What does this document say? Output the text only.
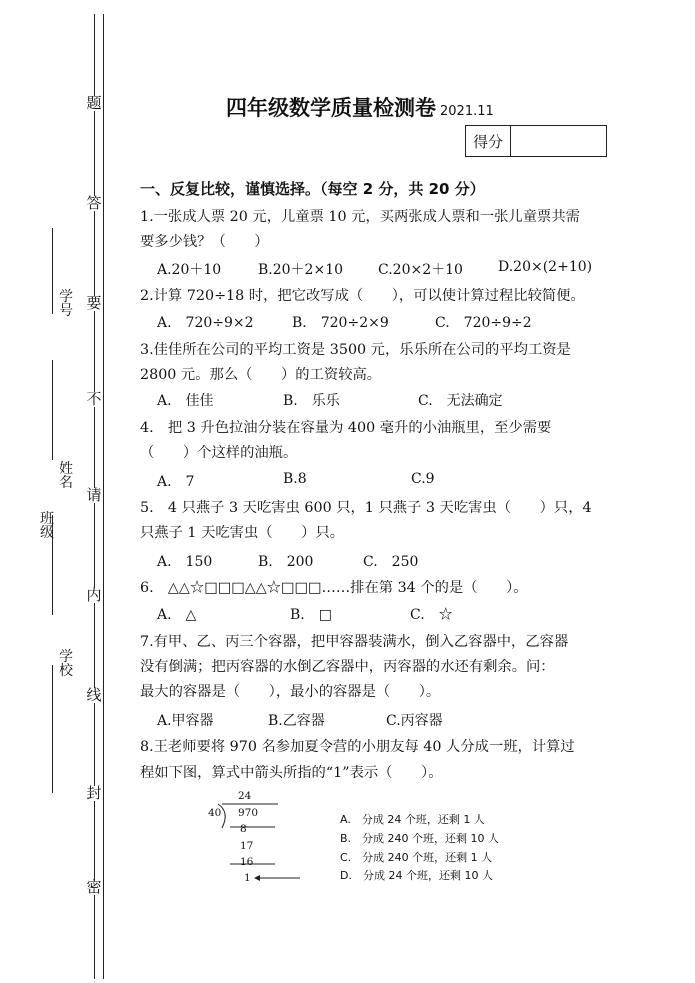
题
答
要
不
请
内
线
封
密
学号
姓名
班级
学校
四年级数学质量检测卷 2021.11
得分
一、反复比较，谨慎选择。（每空 2 分，共 20 分）
1.一张成人票 20 元，儿童票 10 元，买两张成人票和一张儿童票共需
要多少钱？（　　）
A.20＋10	B.20＋2×10 C.20×2＋10	D.20×(2+10)
2.计算 720÷18 时，把它改写成（　　），可以使计算过程比较简便。
A.　720÷9×2	B.　720÷2×9	C.　720÷9÷2
3.佳佳所在公司的平均工资是 3500 元，乐乐所在公司的平均工资是
2800 元。那么（　　）的工资较高。
A.　佳佳	B.　乐乐	C.　无法确定
4.　把 3 升色拉油分装在容量为 400 毫升的小油瓶里，至少需要
（　　）个这样的油瓶。
A.　7	B.8	C.9
5.　4 只燕子 3 天吃害虫 600 只，1 只燕子 3 天吃害虫（　　）只，4
只燕子 1 天吃害虫（　　）只。
A.　150	B.　200	C.　250
6.　△△☆□□□△△☆□□□……排在第 34 个的是（　　）。
A.　△	B.　□	C.　☆
7.有甲、乙、丙三个容器，把甲容器装满水，倒入乙容器中，乙容器
没有倒满；把丙容器的水倒乙容器中，丙容器的水还有剩余。问：
最大的容器是（　　），最小的容器是（　　）。
A.甲容器	B.乙容器	C.丙容器
8.王老师要将 970 名参加夏令营的小朋友每 40 人分成一班，计算过
程如下图，算式中箭头所指的“1”表示（　　）。
24
40 970
8
17
16
1
A.　分成 24 个班，还剩 1 人
B.　分成 240 个班，还剩 10 人
C.　分成 240 个班，还剩 1 人
D.　分成 24 个班，还剩 10 人
